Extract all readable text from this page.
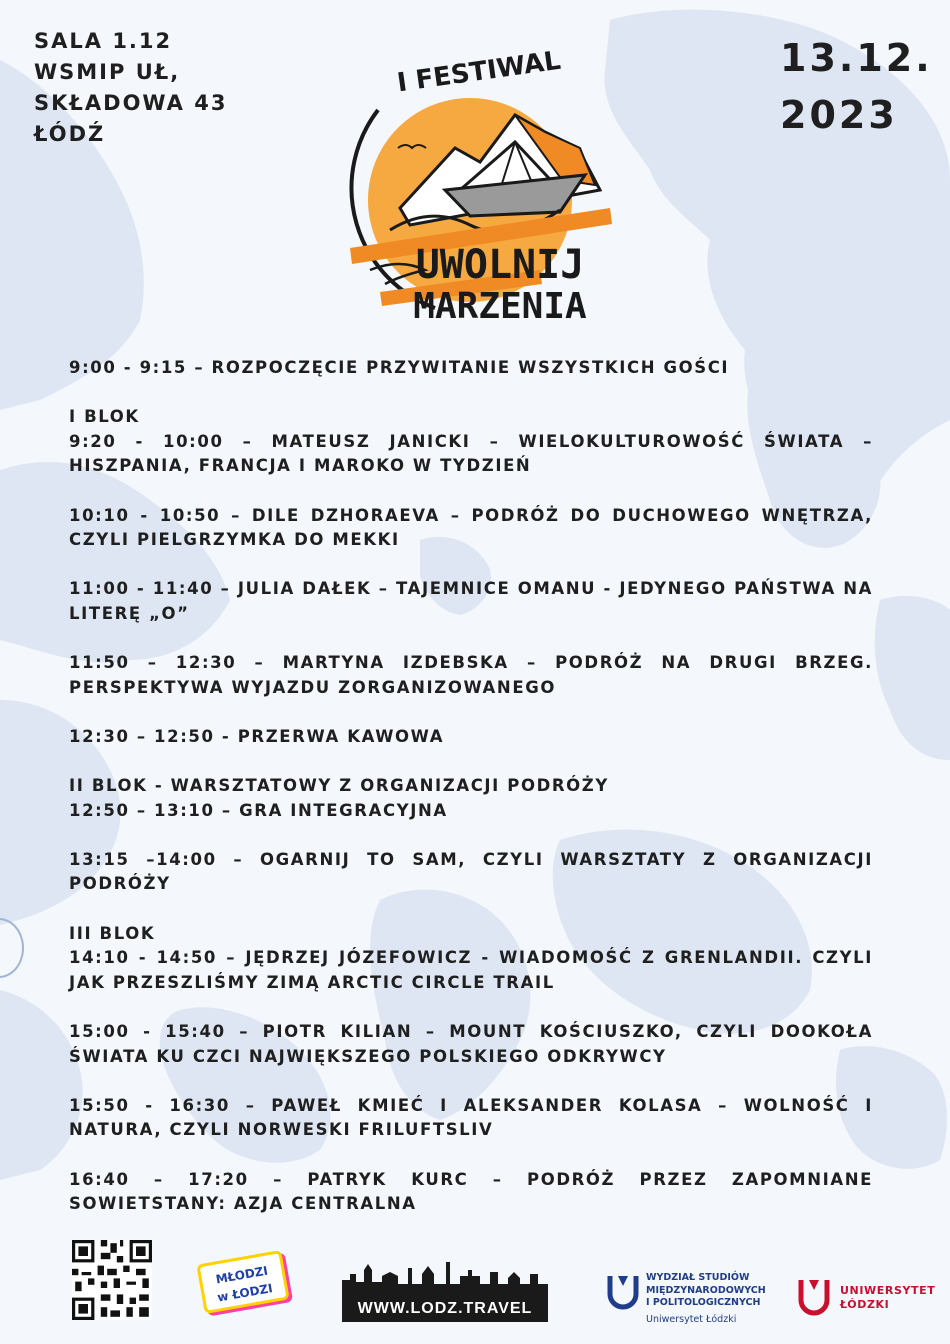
SALA 1.12
WSMIP UŁ,
SKŁADOWA 43
ŁÓDŹ
13.12.
2023
I FESTIWAL
UWOLNIJ
MARZENIA
9:00 - 9:15 – ROZPOCZĘCIE PRZYWITANIE WSZYSTKICH GOŚCI
I BLOK
9:20 - 10:00 – MATEUSZ JANICKI – WIELOKULTUROWOŚĆ ŚWIATA – HISZPANIA, FRANCJA I MAROKO W TYDZIEŃ
10:10 - 10:50 – DILE DZHORAEVA – PODRÓŻ DO DUCHOWEGO WNĘTRZA, CZYLI PIELGRZYMKA DO MEKKI
11:00 - 11:40 – JULIA DAŁEK – TAJEMNICE OMANU - JEDYNEGO PAŃSTWA NA LITERĘ „O”
11:50 – 12:30 – MARTYNA IZDEBSKA – PODRÓŻ NA DRUGI BRZEG. PERSPEKTYWA WYJAZDU ZORGANIZOWANEGO
12:30 – 12:50 - PRZERWA KAWOWA
II BLOK - WARSZTATOWY Z ORGANIZACJI PODRÓŻY
12:50 – 13:10 – GRA INTEGRACYJNA
13:15 –14:00 – OGARNIJ TO SAM, CZYLI WARSZTATY Z ORGANIZACJI PODRÓŻY
III BLOK
14:10 - 14:50 – JĘDRZEJ JÓZEFOWICZ - WIADOMOŚĆ Z GRENLANDII. CZYLI JAK PRZESZLIŚMY ZIMĄ ARCTIC CIRCLE TRAIL
15:00 - 15:40 – PIOTR KILIAN – MOUNT KOŚCIUSZKO, CZYLI DOOKOŁA ŚWIATA KU CZCI NAJWIĘKSZEGO POLSKIEGO ODKRYWCY
15:50 - 16:30 – PAWEŁ KMIEĆ I ALEKSANDER KOLASA – WOLNOŚĆ I NATURA, CZYLI NORWESKI FRILUFTSLIV
16:40 – 17:20 – PATRYK KURC – PODRÓŻ PRZEZ ZAPOMNIANE SOWIETSTANY: AZJA CENTRALNA
MŁODZI
w ŁODZI
WWW.LODZ.TRAVEL
WYDZIAŁ STUDIÓW
MIĘDZYNARODOWYCH
I POLITOLOGICZNYCH
Uniwersytet Łódzki
UNIWERSYTET
ŁÓDZKI
